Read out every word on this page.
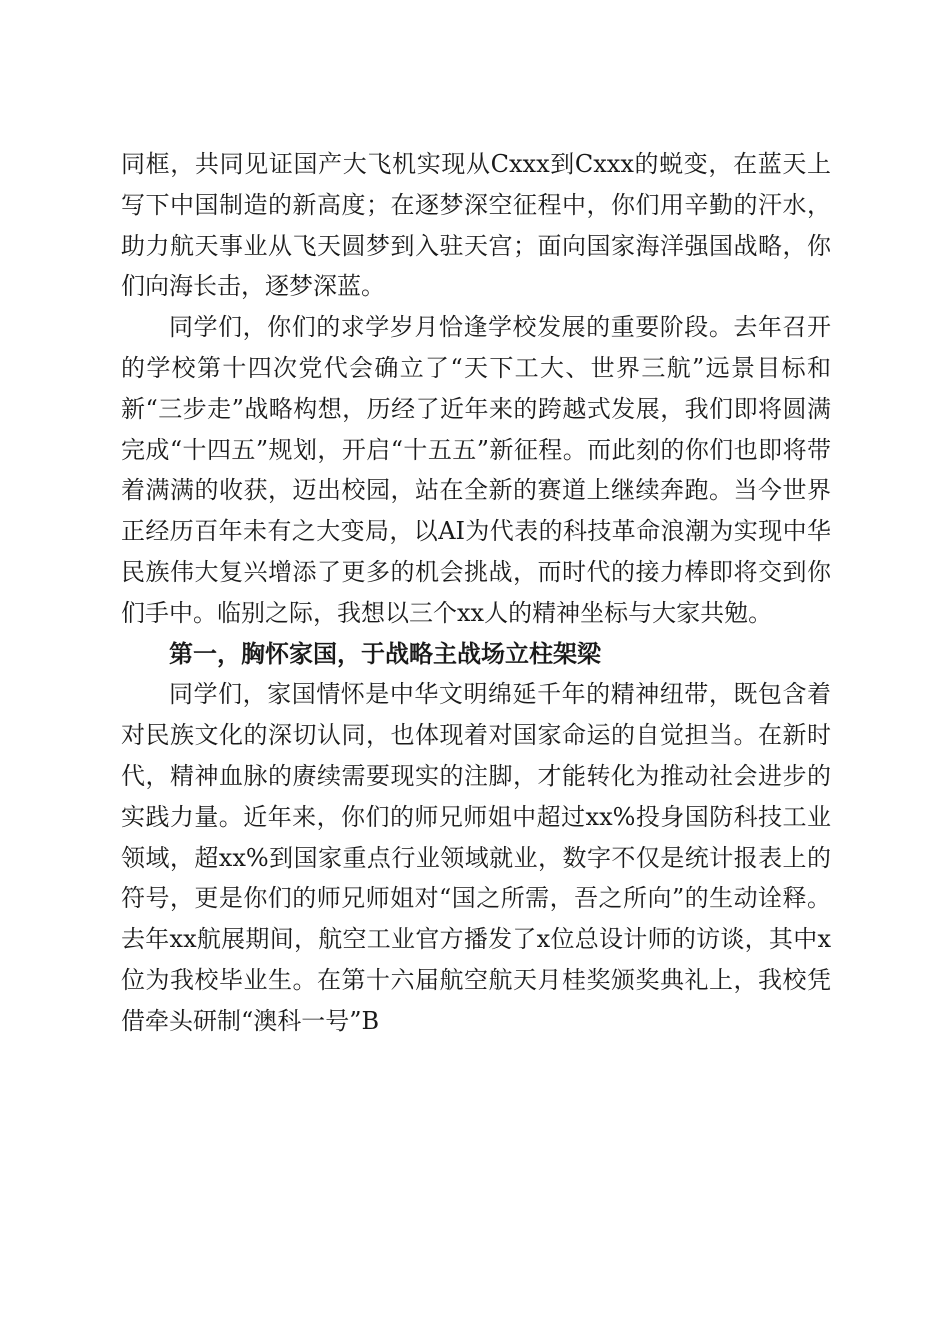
同框，共同见证国产大飞机实现从Cxxx到Cxxx的蜕变，在蓝天上写下中国制造的新高度；在逐梦深空征程中，你们用辛勤的汗水，助力航天事业从飞天圆梦到入驻天宫；面向国家海洋强国战略，你们向海长击，逐梦深蓝。

同学们，你们的求学岁月恰逢学校发展的重要阶段。去年召开的学校第十四次党代会确立了“天下工大、世界三航”远景目标和新“三步走”战略构想，历经了近年来的跨越式发展，我们即将圆满完成“十四五”规划，开启“十五五”新征程。而此刻的你们也即将带着满满的收获，迈出校园，站在全新的赛道上继续奔跑。当今世界正经历百年未有之大变局，以AI为代表的科技革命浪潮为实现中华民族伟大复兴增添了更多的机会挑战，而时代的接力棒即将交到你们手中。临别之际，我想以三个xx人的精神坐标与大家共勉。

第一，胸怀家国，于战略主战场立柱架梁

同学们，家国情怀是中华文明绵延千年的精神纽带，既包含着对民族文化的深切认同，也体现着对国家命运的自觉担当。在新时代，精神血脉的赓续需要现实的注脚，才能转化为推动社会进步的实践力量。近年来，你们的师兄师姐中超过xx%投身国防科技工业领域，超xx%到国家重点行业领域就业，数字不仅是统计报表上的符号，更是你们的师兄师姐对“国之所需，吾之所向”的生动诠释。去年xx航展期间，航空工业官方播发了x位总设计师的访谈，其中x位为我校毕业生。在第十六届航空航天月桂奖颁奖典礼上，我校凭借牵头研制“澳科一号”B
